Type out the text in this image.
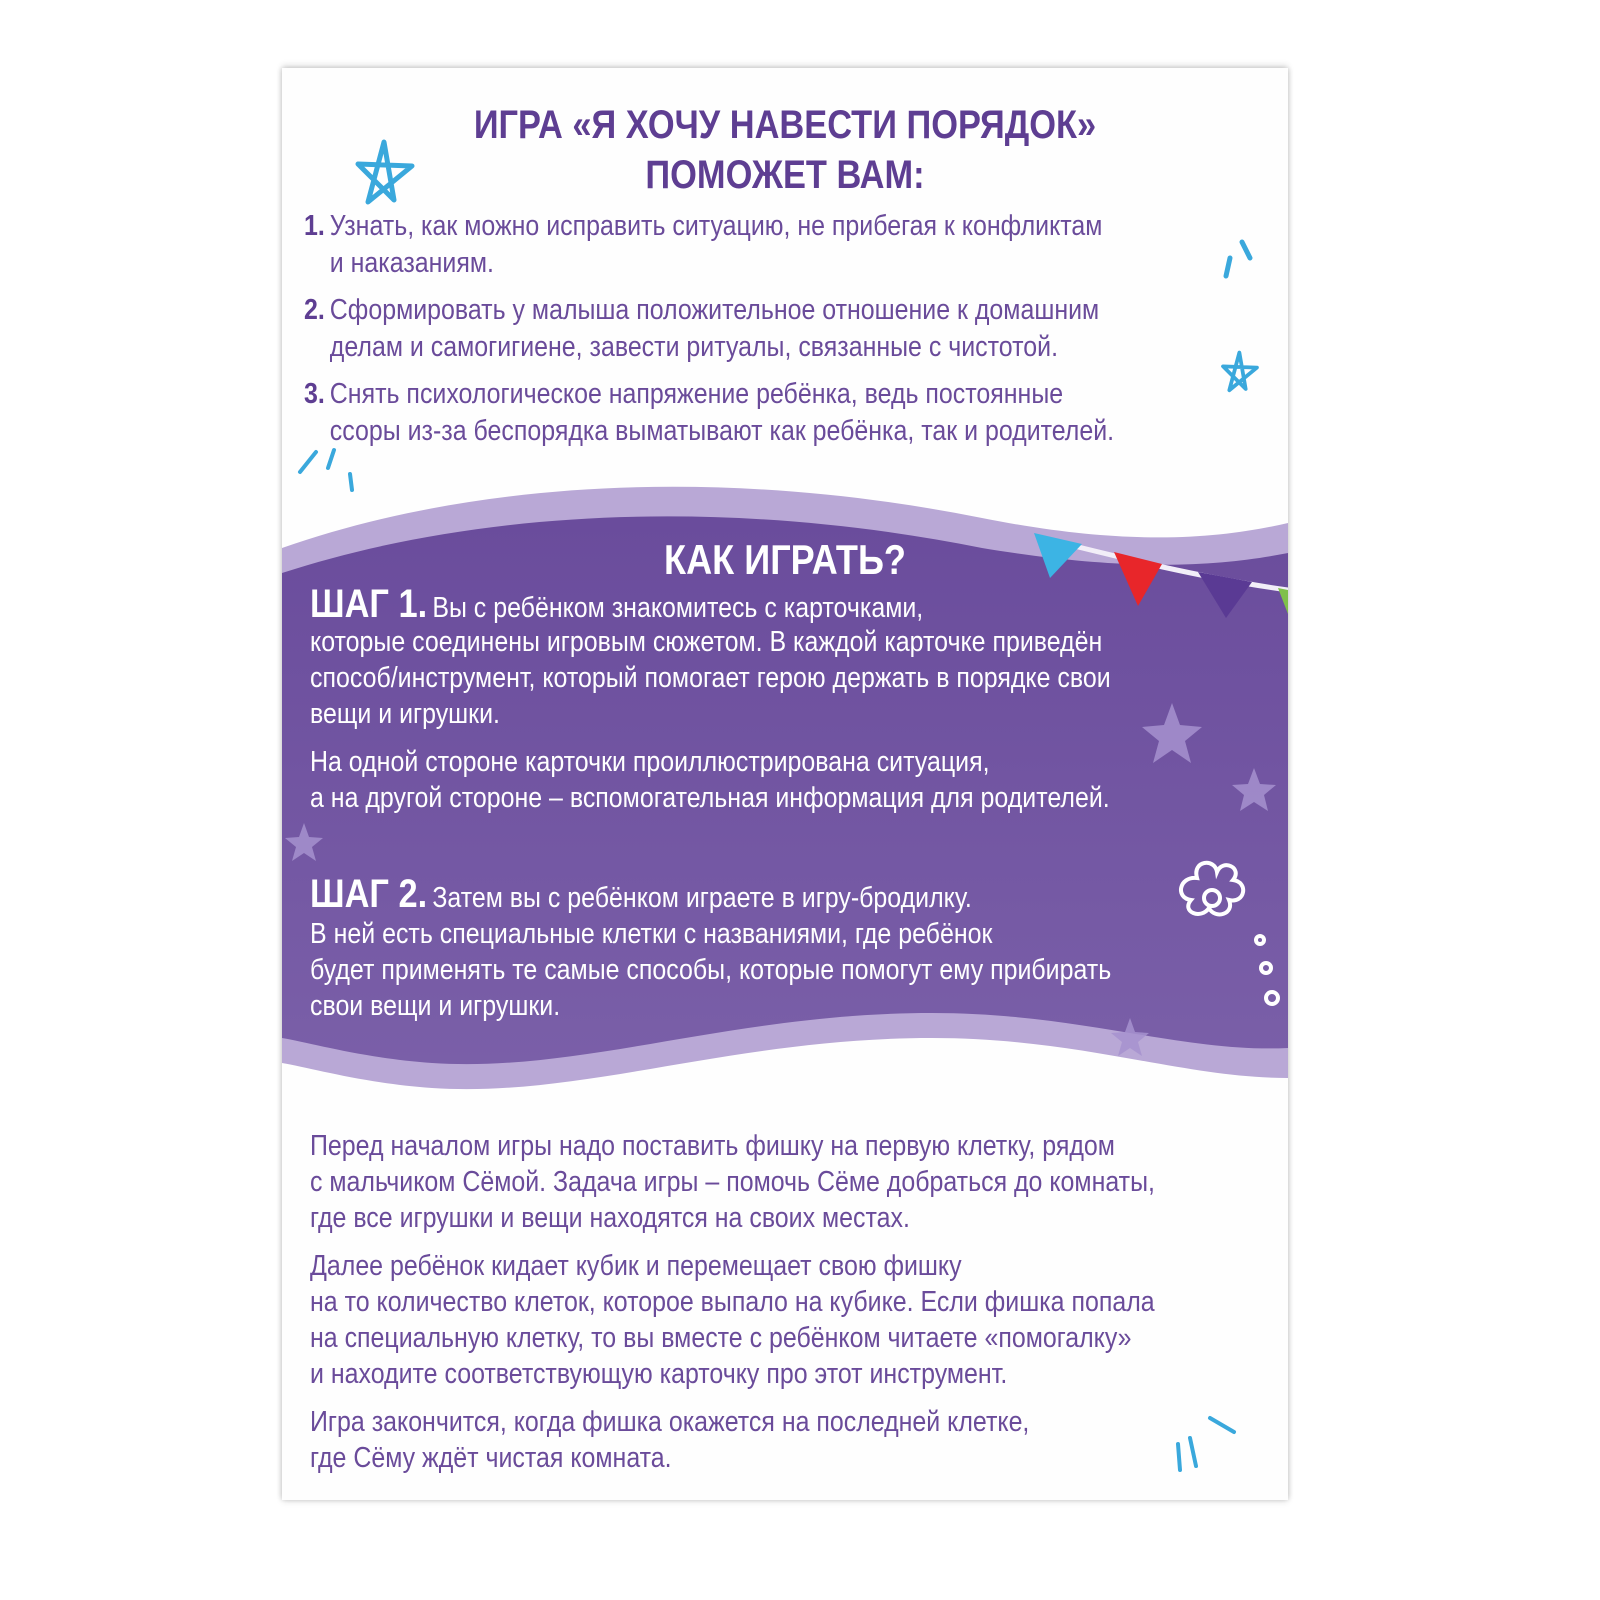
ИГРА «Я ХОЧУ НАВЕСТИ ПОРЯДОК»
ПОМОЖЕТ ВАМ:
1. Узнать, как можно исправить ситуацию, не прибегая к конфликтам
и наказаниям.
2. Сформировать у малыша положительное отношение к домашним
делам и самогигиене, завести ритуалы, связанные с чистотой.
3. Снять психологическое напряжение ребёнка, ведь постоянные
ссоры из-за беспорядка выматывают как ребёнка, так и родителей.
КАК ИГРАТЬ?

ШАГ 1. Вы с ребёнком знакомитесь с карточками,

которые соединены игровым сюжетом. В каждой карточке приведён

способ/инструмент, который помогает герою держать в порядке свои

вещи и игрушки.

На одной стороне карточки проиллюстрирована ситуация,

а на другой стороне – вспомогательная информация для родителей.

ШАГ 2. Затем вы с ребёнком играете в игру-бродилку.

В ней есть специальные клетки с названиями, где ребёнок

будет применять те самые способы, которые помогут ему прибирать

свои вещи и игрушки.

Перед началом игры надо поставить фишку на первую клетку, рядом
с мальчиком Сёмой. Задача игры – помочь Сёме добраться до комнаты,
где все игрушки и вещи находятся на своих местах.

Далее ребёнок кидает кубик и перемещает свою фишку
на то количество клеток, которое выпало на кубике. Если фишка попала
на специальную клетку, то вы вместе с ребёнком читаете «помогалку»
и находите соответствующую карточку про этот инструмент.

Игра закончится, когда фишка окажется на последней клетке,
где Сёму ждёт чистая комната.
